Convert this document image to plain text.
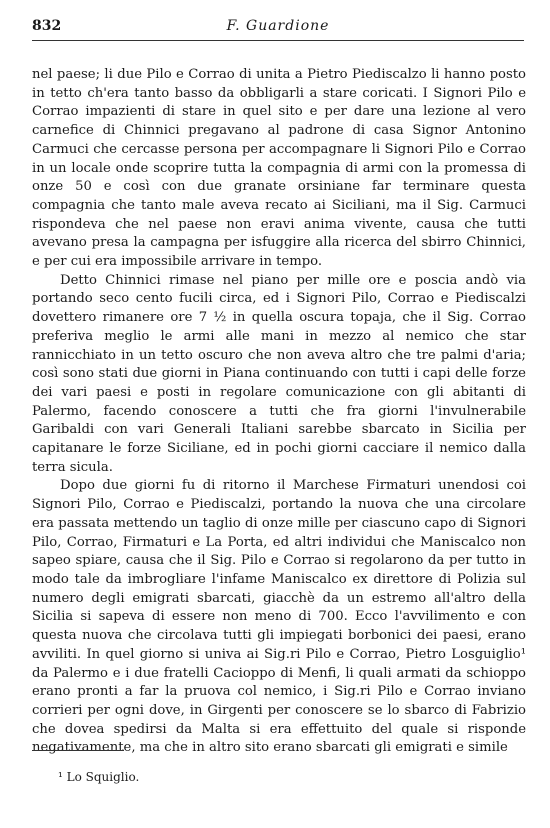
832	F. Guardione

nel paese; li due Pilo e Corrao di unita a Pietro Piediscalzo li hanno posto in tetto ch'era tanto basso da obbligarli a stare coricati. I Signori Pilo e Corrao impazienti di stare in quel sito e per dare una lezione al vero carnefice di Chinnici pregavano al padrone di casa Signor Antonino Carmuci che cercasse persona per accompagnare li Signori Pilo e Corrao in un locale onde scoprire tutta la compagnia di armi con la promessa di onze 50 e così con due granate orsiniane far terminare questa compagnia che tanto male aveva recato ai Siciliani, ma il Sig. Carmuci rispondeva che nel paese non eravi anima vivente, causa che tutti avevano presa la campagna per isfuggire alla ricerca del sbirro Chinnici, e per cui era impossibile arrivare in tempo.

Detto Chinnici rimase nel piano per mille ore e poscia andò via portando seco cento fucili circa, ed i Signori Pilo, Corrao e Piediscalzi dovettero rimanere ore 7 ½ in quella oscura topaja, che il Sig. Corrao preferiva meglio le armi alle mani in mezzo al nemico che star rannicchiato in un tetto oscuro che non aveva altro che tre palmi d'aria; così sono stati due giorni in Piana continuando con tutti i capi delle forze dei vari paesi e posti in regolare comunicazione con gli abitanti di Palermo, facendo conoscere a tutti che fra giorni l'invulnerabile Garibaldi con vari Generali Italiani sarebbe sbarcato in Sicilia per capitanare le forze Siciliane, ed in pochi giorni cacciare il nemico dalla terra sicula.

Dopo due giorni fu di ritorno il Marchese Firmaturi unendosi coi Signori Pilo, Corrao e Piediscalzi, portando la nuova che una circolare era passata mettendo un taglio di onze mille per ciascuno capo di Signori Pilo, Corrao, Firmaturi e La Porta, ed altri individui che Maniscalco non sapeo spiare, causa che il Sig. Pilo e Corrao si regolarono da per tutto in modo tale da imbrogliare l'infame Maniscalco ex direttore di Polizia sul numero degli emigrati sbarcati, giacchè da un estremo all'altro della Sicilia si sapeva di essere non meno di 700. Ecco l'avvilimento e con questa nuova che circolava tutti gli impiegati borbonici dei paesi, erano avviliti. In quel giorno si univa ai Sig.ri Pilo e Corrao, Pietro Losguiglio¹ da Palermo e i due fratelli Cacioppo di Menfi, li quali armati da schioppo erano pronti a far la pruova col nemico, i Sig.ri Pilo e Corrao inviano corrieri per ogni dove, in Girgenti per conoscere se lo sbarco di Fabrizio che dovea spedirsi da Malta si era effettuito del quale si risponde negativamente, ma che in altro sito erano sbarcati gli emigrati e simile

¹ Lo Squiglio.
